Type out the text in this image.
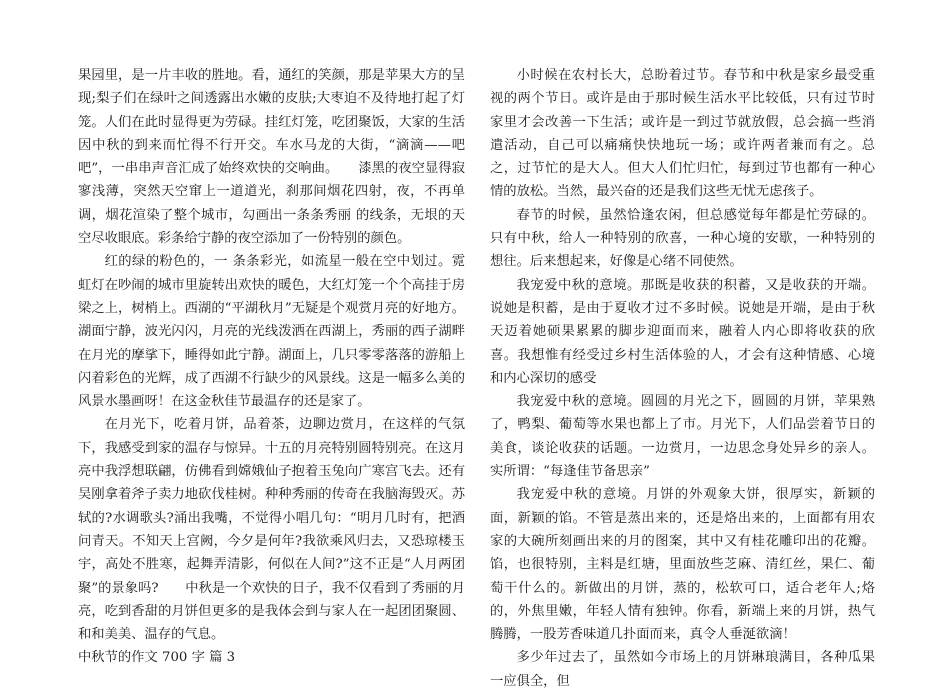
果园里，是一片丰收的胜地。看，通红的笑颜，那是苹果大方的呈现;梨子们在绿叶之间透露出水嫩的皮肤;大枣迫不及待地打起了灯笼。人们在此时显得更为劳碌。挂红灯笼，吃团聚饭，大家的生活因中秋的到来而忙得不行开交。车水马龙的大街，“滴滴——吧吧”，一串串声音汇成了始终欢快的交响曲。　　漆黑的夜空显得寂寥浅薄，突然天空窜上一道道光，刹那间烟花四射，夜，不再单调，烟花渲染了整个城市，勾画出一条条秀丽 的线条，无垠的天空尽收眼底。彩条给宁静的夜空添加了一份特别的颜色。

红的绿的粉色的，一 条条彩光，如流星一般在空中划过。霓虹灯在吵闹的城市里旋转出欢快的暖色，大红灯笼一个个高挂于房梁之上，树梢上。西湖的“平湖秋月”无疑是个观赏月亮的好地方。湖面宁静，波光闪闪，月亮的光线泼洒在西湖上，秀丽的西子湖畔在月光的摩挲下，睡得如此宁静。湖面上，几只零零落落的游船上闪着彩色的光辉，成了西湖不行缺少的风景线。这是一幅多么美的风景水墨画呀！在这金秋佳节最温存的还是家了。

在月光下，吃着月饼，品着茶，边聊边赏月，在这样的气氛下，我感受到家的温存与惊异。十五的月亮特别圆特别亮。在这月亮中我浮想联翩，仿佛看到嫦娥仙子抱着玉兔向广寒宫飞去。还有吴刚拿着斧子卖力地砍伐桂树。种种秀丽的传奇在我脑海毁灭。苏轼的?水调歌头?涌出我嘴，不觉得小唱几句：“明月几时有，把酒问青天。不知天上宫阙，今夕是何年?我欲乘风归去，又恐琼楼玉宇，高处不胜寒，起舞弄清影，何似在人间?”这不正是“人月两团聚”的景象吗?　　中秋是一个欢快的日子，我不仅看到了秀丽的月亮，吃到香甜的月饼但更多的是我体会到与家人在一起团团聚圆、和和美美、温存的气息。

中秋节的作文 700 字 篇 3

小时候在农村长大，总盼着过节。春节和中秋是家乡最受重视的两个节日。或许是由于那时候生活水平比较低，只有过节时家里才会改善一下生活；或许是一到过节就放假，总会搞一些消遣活动，自己可以痛痛快快地玩一场；或许两者兼而有之。总之，过节忙的是大人。但大人们忙归忙，每到过节也都有一种心情的放松。当然，最兴奋的还是我们这些无忧无虑孩子。

春节的时候，虽然恰逢农闲，但总感觉每年都是忙劳碌的。只有中秋，给人一种特别的欣喜，一种心境的安歇，一种特别的想往。后来想起来，好像是心绪不同使然。

我宠爱中秋的意境。那既是收获的积蓄，又是收获的开端。说她是积蓄，是由于夏收才过不多时候。说她是开端，是由于秋天迈着她硕果累累的脚步迎面而来，融着人内心即将收获的欣喜。我想惟有经受过乡村生活体验的人，才会有这种情感、心境和内心深切的感受

我宠爱中秋的意境。圆圆的月光之下，圆圆的月饼，苹果熟了，鸭梨、葡萄等水果也都上了市。月光下，人们品尝着节日的美食，谈论收获的话题。一边赏月，一边思念身处异乡的亲人。实所谓：“每逢佳节备思亲”

我宠爱中秋的意境。月饼的外观象大饼，很厚实，新颖的面，新颖的馅。不管是蒸出来的，还是烙出来的，上面都有用农家的大碗所刻画出来的月的图案，其中又有桂花雕印出的花瓣。馅，也很特别，主料是红塘，里面放些芝麻、清红丝，果仁、葡萄干什么的。新做出的月饼，蒸的，松软可口，适合老年人;烙的，外焦里嫩，年轻人情有独钟。你看，新端上来的月饼，热气腾腾，一股芳香味道几扑面而来，真令人垂涎欲滴！

多少年过去了，虽然如今市场上的月饼琳琅满目，各种瓜果一应俱全，但
